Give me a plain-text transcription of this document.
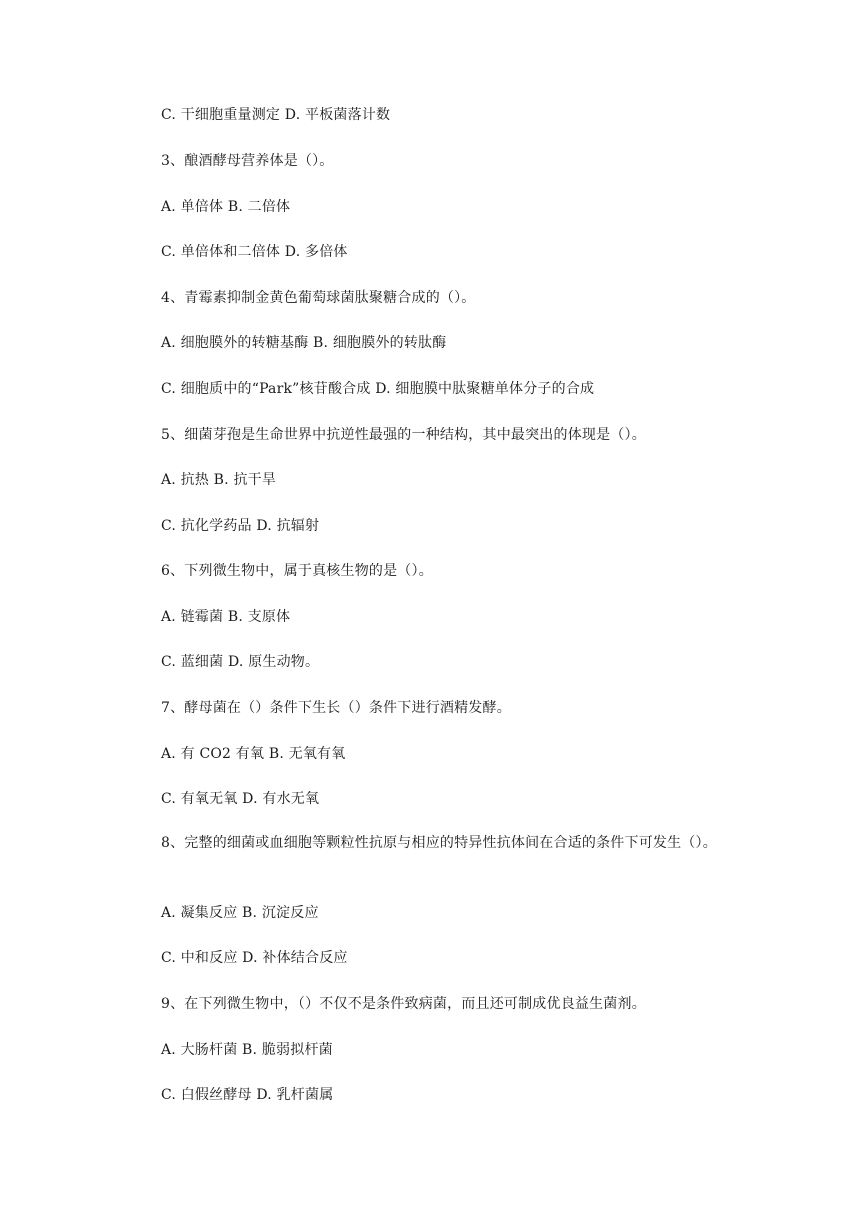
C. 干细胞重量测定 D. 平板菌落计数
3、酿酒酵母营养体是（）。
A. 单倍体 B. 二倍体
C. 单倍体和二倍体 D. 多倍体
4、青霉素抑制金黄色葡萄球菌肽聚糖合成的（）。
A. 细胞膜外的转糖基酶 B. 细胞膜外的转肽酶
C. 细胞质中的“Park”核苷酸合成 D. 细胞膜中肽聚糖单体分子的合成
5、细菌芽孢是生命世界中抗逆性最强的一种结构，其中最突出的体现是（）。
A. 抗热 B. 抗干旱
C. 抗化学药品 D. 抗辐射
6、下列微生物中，属于真核生物的是（）。
A. 链霉菌 B. 支原体
C. 蓝细菌 D. 原生动物。
7、酵母菌在（）条件下生长（）条件下进行酒精发酵。
A. 有 CO2 有氧 B. 无氧有氧
C. 有氧无氧 D. 有水无氧
8、完整的细菌或血细胞等颗粒性抗原与相应的特异性抗体间在合适的条件下可发生（）。
A. 凝集反应 B. 沉淀反应
C. 中和反应 D. 补体结合反应
9、在下列微生物中，（）不仅不是条件致病菌，而且还可制成优良益生菌剂。
A. 大肠杆菌 B. 脆弱拟杆菌
C. 白假丝酵母 D. 乳杆菌属
